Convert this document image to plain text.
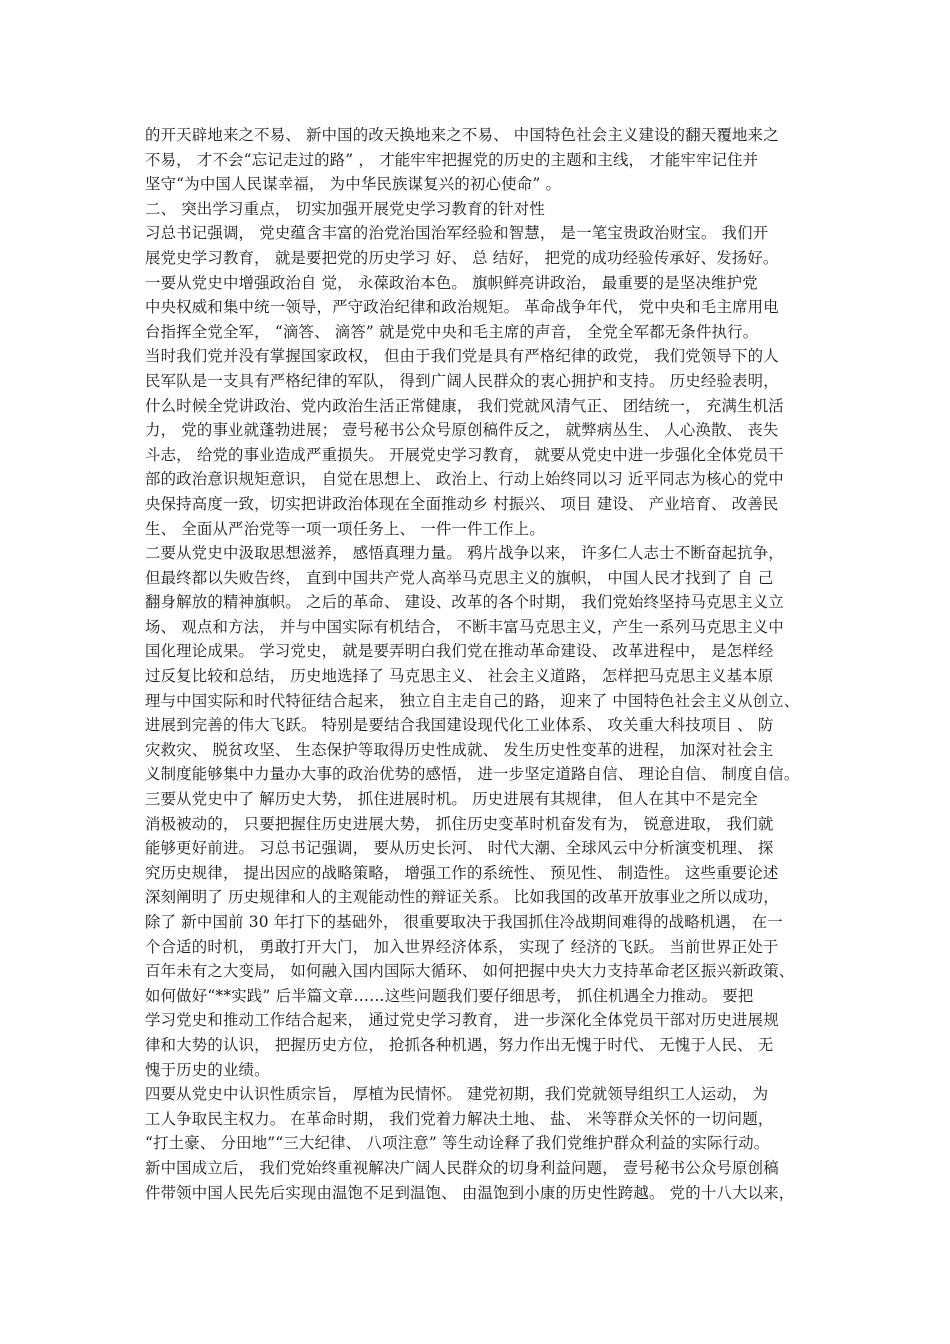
的开天辟地来之不易、 新中国的改天换地来之不易、 中国特色社会主义建设的翻天覆地来之
不易， 才不会“忘记走过的路” ， 才能牢牢把握党的历史的主题和主线， 才能牢牢记住并
坚守“为中国人民谋幸福， 为中华民族谋复兴的初心使命” 。
二、 突出学习重点， 切实加强开展党史学习教育的针对性
习总书记强调， 党史蕴含丰富的治党治国治军经验和智慧， 是一笔宝贵政治财宝。 我们开
展党史学习教育， 就是要把党的历史学习 好、 总 结好， 把党的成功经验传承好、发扬好。
一要从党史中增强政治自 觉， 永葆政治本色。 旗帜鲜亮讲政治， 最重要的是坚决维护党
中央权威和集中统一领导，严守政治纪律和政治规矩。 革命战争年代， 党中央和毛主席用电
台指挥全党全军， “滴答、 滴答” 就是党中央和毛主席的声音， 全党全军都无条件执行。
当时我们党并没有掌握国家政权， 但由于我们党是具有严格纪律的政党， 我们党领导下的人
民军队是一支具有严格纪律的军队， 得到广阔人民群众的衷心拥护和支持。 历史经验表明，
什么时候全党讲政治、党内政治生活正常健康， 我们党就风清气正、 团结统一， 充满生机活
力， 党的事业就蓬勃进展； 壹号秘书公众号原创稿件反之， 就弊病丛生、 人心涣散、 丧失
斗志， 给党的事业造成严重损失。 开展党史学习教育， 就要从党史中进一步强化全体党员干
部的政治意识规矩意识， 自觉在思想上、 政治上、行动上始终同以习 近平同志为核心的党中
央保持高度一致，切实把讲政治体现在全面推动乡 村振兴、 项目 建设、 产业培育、 改善民
生、 全面从严治党等一项一项任务上、 一件一件工作上。
二要从党史中汲取思想滋养， 感悟真理力量。 鸦片战争以来， 许多仁人志士不断奋起抗争，
但最终都以失败告终， 直到中国共产党人高举马克思主义的旗帜， 中国人民才找到了 自 己
翻身解放的精神旗帜。 之后的革命、 建设、改革的各个时期， 我们党始终坚持马克思主义立
场、 观点和方法， 并与中国实际有机结合， 不断丰富马克思主义，产生一系列马克思主义中
国化理论成果。 学习党史， 就是要弄明白我们党在推动革命建设、 改革进程中， 是怎样经
过反复比较和总结， 历史地选择了 马克思主义、 社会主义道路， 怎样把马克思主义基本原
理与中国实际和时代特征结合起来， 独立自主走自己的路， 迎来了 中国特色社会主义从创立、
进展到完善的伟大飞跃。 特别是要结合我国建设现代化工业体系、 攻关重大科技项目 、 防
灾救灾、 脱贫攻坚、 生态保护等取得历史性成就、 发生历史性变革的进程， 加深对社会主
义制度能够集中力量办大事的政治优势的感悟， 进一步坚定道路自信、 理论自信、 制度自信。
三要从党史中了 解历史大势， 抓住进展时机。 历史进展有其规律， 但人在其中不是完全
消极被动的， 只要把握住历史进展大势， 抓住历史变革时机奋发有为， 锐意进取， 我们就
能够更好前进。 习总书记强调， 要从历史长河、 时代大潮、全球风云中分析演变机理、 探
究历史规律， 提出因应的战略策略， 增强工作的系统性、 预见性、 制造性。 这些重要论述
深刻阐明了 历史规律和人的主观能动性的辩证关系。 比如我国的改革开放事业之所以成功，
除了 新中国前 30 年打下的基础外， 很重要取决于我国抓住冷战期间难得的战略机遇， 在一
个合适的时机， 勇敢打开大门， 加入世界经济体系， 实现了 经济的飞跃。 当前世界正处于
百年未有之大变局， 如何融入国内国际大循环、 如何把握中央大力支持革命老区振兴新政策、
如何做好“**实践” 后半篇文章……这些问题我们要仔细思考， 抓住机遇全力推动。 要把
学习党史和推动工作结合起来， 通过党史学习教育， 进一步深化全体党员干部对历史进展规
律和大势的认识， 把握历史方位， 抢抓各种机遇，努力作出无愧于时代、 无愧于人民、 无
愧于历史的业绩。
四要从党史中认识性质宗旨， 厚植为民情怀。 建党初期，我们党就领导组织工人运动， 为
工人争取民主权力。 在革命时期， 我们党着力解决土地、 盐、 米等群众关怀的一切问题，
“打土豪、 分田地”“三大纪律、 八项注意” 等生动诠释了我们党维护群众利益的实际行动。
新中国成立后， 我们党始终重视解决广阔人民群众的切身利益问题， 壹号秘书公众号原创稿
件带领中国人民先后实现由温饱不足到温饱、 由温饱到小康的历史性跨越。 党的十八大以来，
